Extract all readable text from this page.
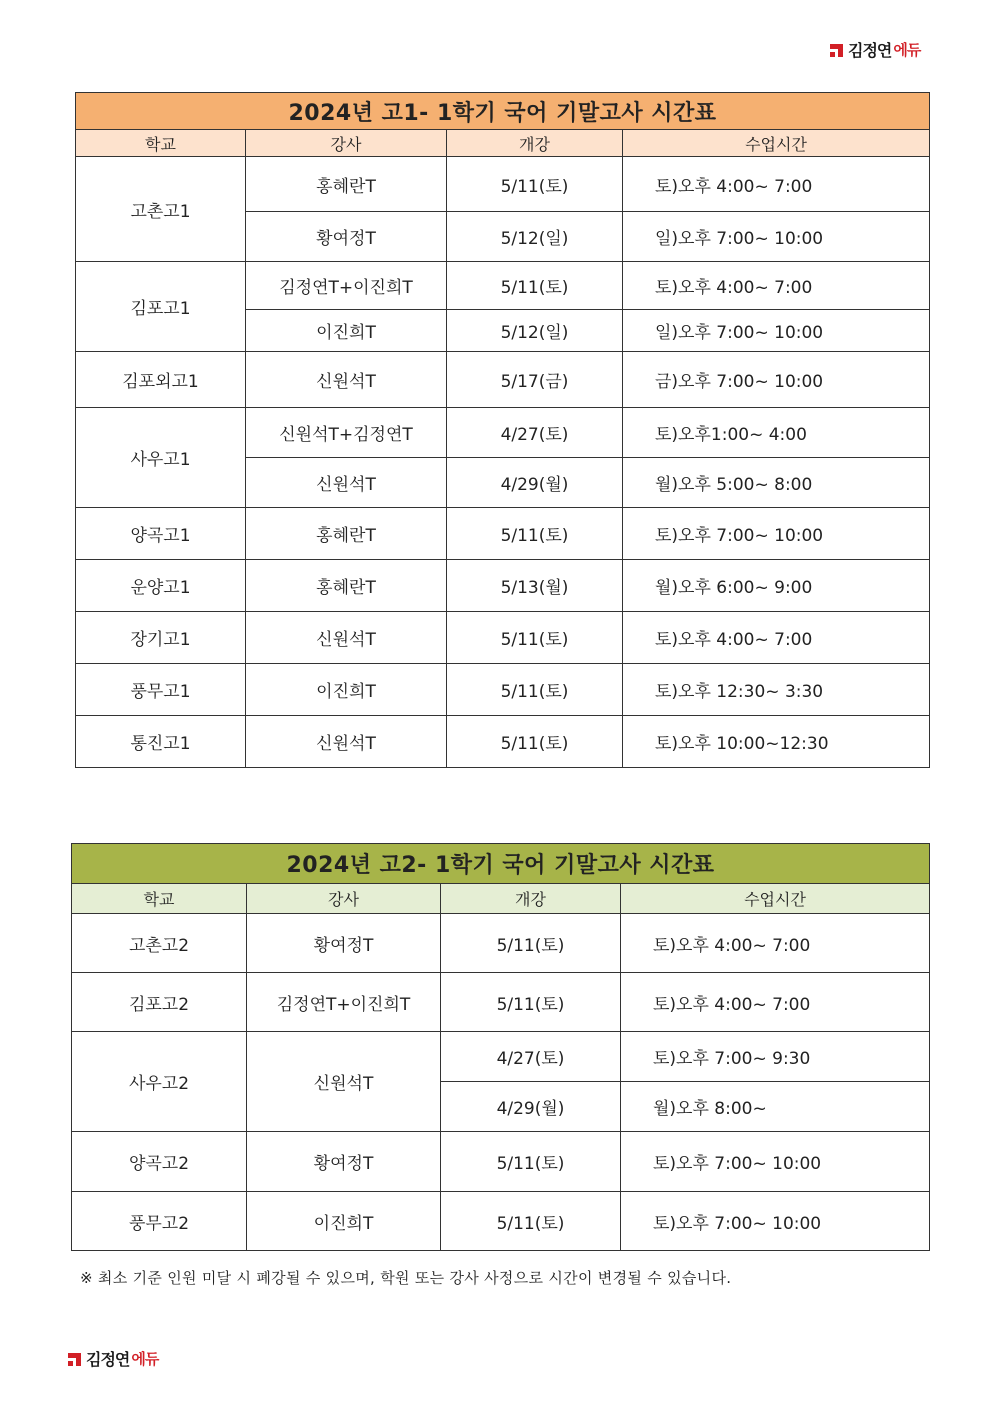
김정연 에듀
2024년 고1- 1학기 국어 기말고사 시간표			
학교	강사	개강	수업시간
고촌고1	홍혜란T	5/11(토)	토)오후 4:00~ 7:00
	황여정T	5/12(일)	일)오후 7:00~ 10:00
김포고1	김정연T+이진희T	5/11(토)	토)오후 4:00~ 7:00
	이진희T	5/12(일)	일)오후 7:00~ 10:00
김포외고1	신원석T	5/17(금)	금)오후 7:00~ 10:00
사우고1	신원석T+김정연T	4/27(토)	토)오후1:00~ 4:00
	신원석T	4/29(월)	월)오후 5:00~ 8:00
양곡고1	홍혜란T	5/11(토)	토)오후 7:00~ 10:00
운양고1	홍혜란T	5/13(월)	월)오후 6:00~ 9:00
장기고1	신원석T	5/11(토)	토)오후 4:00~ 7:00
풍무고1	이진희T	5/11(토)	토)오후 12:30~ 3:30
통진고1	신원석T	5/11(토)	토)오후 10:00~12:30
2024년 고2- 1학기 국어 기말고사 시간표			
학교	강사	개강	수업시간
고촌고2	황여정T	5/11(토)	토)오후 4:00~ 7:00
김포고2	김정연T+이진희T	5/11(토)	토)오후 4:00~ 7:00
사우고2	신원석T	4/27(토)	토)오후 7:00~ 9:30
		4/29(월)	월)오후 8:00~
양곡고2	황여정T	5/11(토)	토)오후 7:00~ 10:00
풍무고2	이진희T	5/11(토)	토)오후 7:00~ 10:00
※ 최소 기준 인원 미달 시 폐강될 수 있으며, 학원 또는 강사 사정으로 시간이 변경될 수 있습니다.
김정연 에듀
